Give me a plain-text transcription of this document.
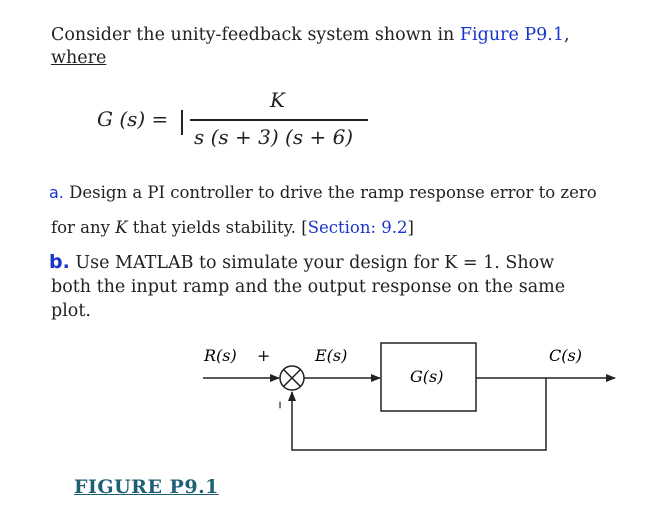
Consider the unity-feedback system shown in Figure P9.1,
where
G (s) =
K
s (s + 3) (s + 6)
a. Design a PI controller to drive the ramp response error to zero
for any K that yields stability. [Section: 9.2]
b. Use MATLAB to simulate your design for K = 1. Show
both the input ramp and the output response on the same
plot.
R(s) +
–
E(s)
G(s)
C(s)
FIGURE P9.1
